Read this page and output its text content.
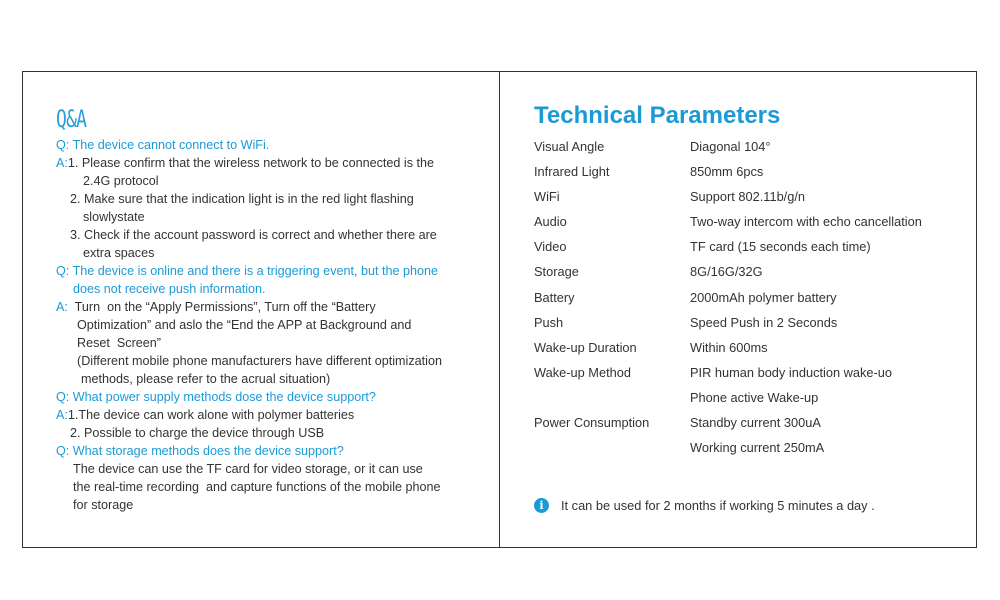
Q&A
Q: The device cannot connect to WiFi.
A:1. Please confirm that the wireless network to be connected is the
2.4G protocol
2. Make sure that the indication light is in the red light flashing
slowlystate
3. Check if the account password is correct and whether there are
extra spaces
Q: The device is online and there is a triggering event, but the phone
does not receive push information.
A:  Turn  on the “Apply Permissions”, Turn off the “Battery
Optimization” and aslo the “End the APP at Background and
Reset  Screen”
(Different mobile phone manufacturers have different optimization
methods, please refer to the acrual situation)
Q: What power supply methods dose the device support?
A:1.The device can work alone with polymer batteries
2. Possible to charge the device through USB
Q: What storage methods does the device support?
The device can use the TF card for video storage, or it can use
the real-time recording  and capture functions of the mobile phone
for storage
Technical Parameters
Visual Angle	Diagonal 104°
Infrared Light	850mm 6pcs
WiFi	Support 802.11b/g/n
Audio	Two-way intercom with echo cancellation
Video	TF card (15 seconds each time)
Storage	8G/16G/32G
Battery	2000mAh polymer battery
Push	Speed Push in 2 Seconds
Wake-up Duration	Within 600ms
Wake-up Method	PIR human body induction wake-uo
Phone active Wake-up
Power Consumption	Standby current 300uA
Working current 250mA
i	It can be used for 2 months if working 5 minutes a day .
